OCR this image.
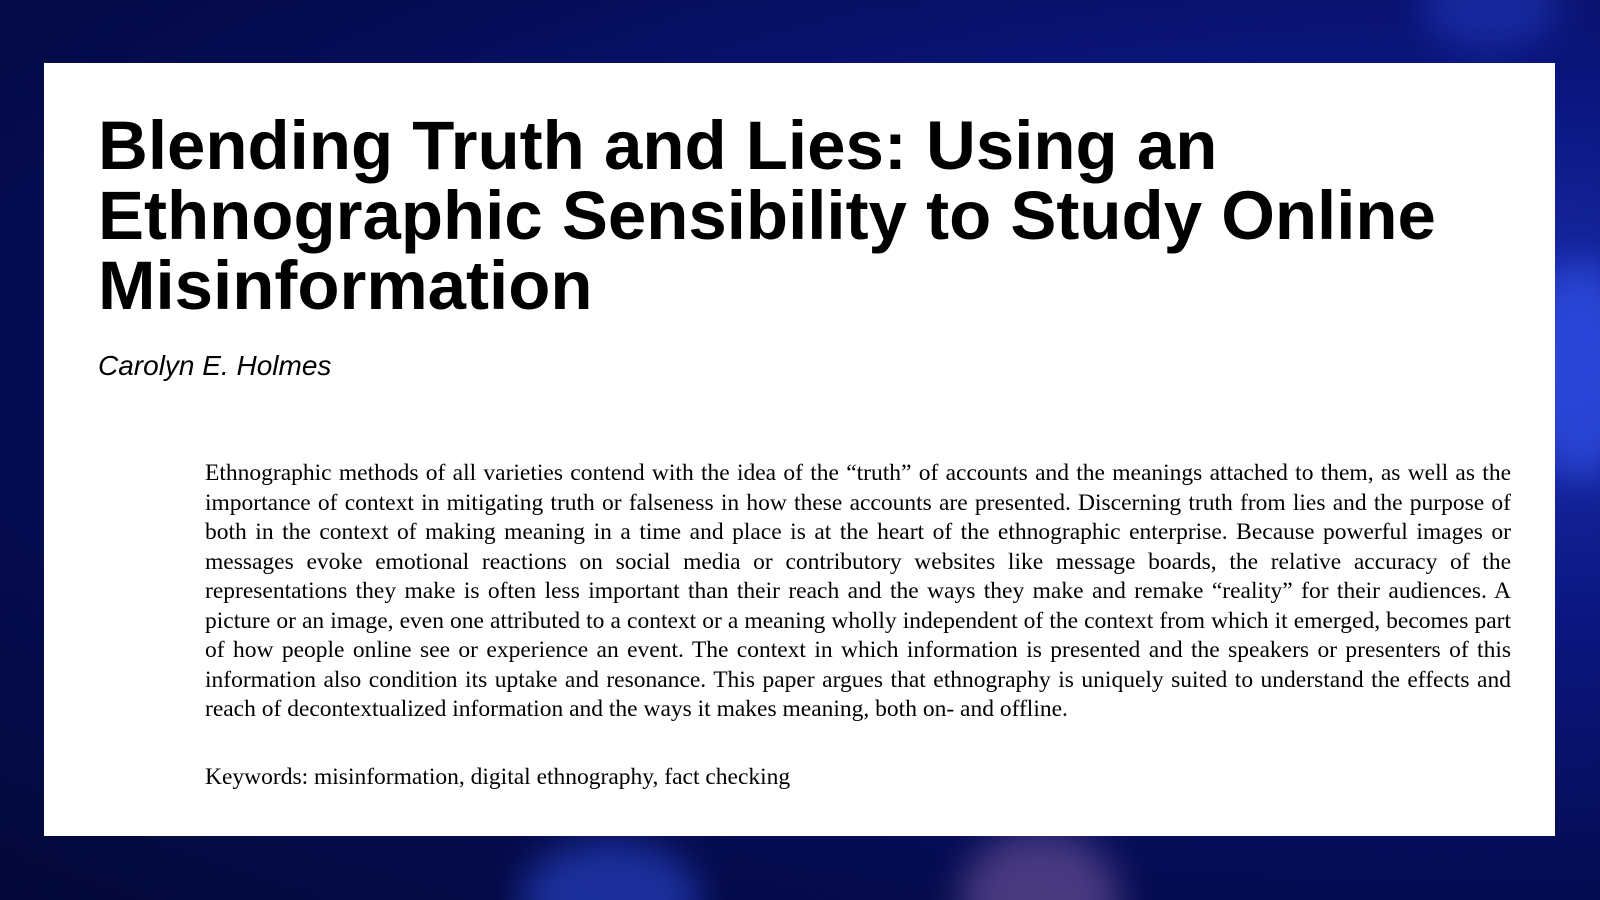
Blending Truth and Lies: Using an Ethnographic Sensibility to Study Online Misinformation

Carolyn E. Holmes

Ethnographic methods of all varieties contend with the idea of the “truth” of accounts and the meanings attached to them, as well as the importance of context in mitigating truth or falseness in how these accounts are presented. Discerning truth from lies and the purpose of both in the context of making meaning in a time and place is at the heart of the ethnographic enterprise. Because powerful images or messages evoke emotional reactions on social media or contributory websites like message boards, the relative accuracy of the representations they make is often less important than their reach and the ways they make and remake “reality” for their audiences. A picture or an image, even one attributed to a context or a meaning wholly independent of the context from which it emerged, becomes part of how people online see or experience an event. The context in which information is presented and the speakers or presenters of this information also condition its uptake and resonance. This paper argues that ethnography is uniquely suited to understand the effects and reach of decontextualized information and the ways it makes meaning, both on- and offline.

Keywords: misinformation, digital ethnography, fact checking
